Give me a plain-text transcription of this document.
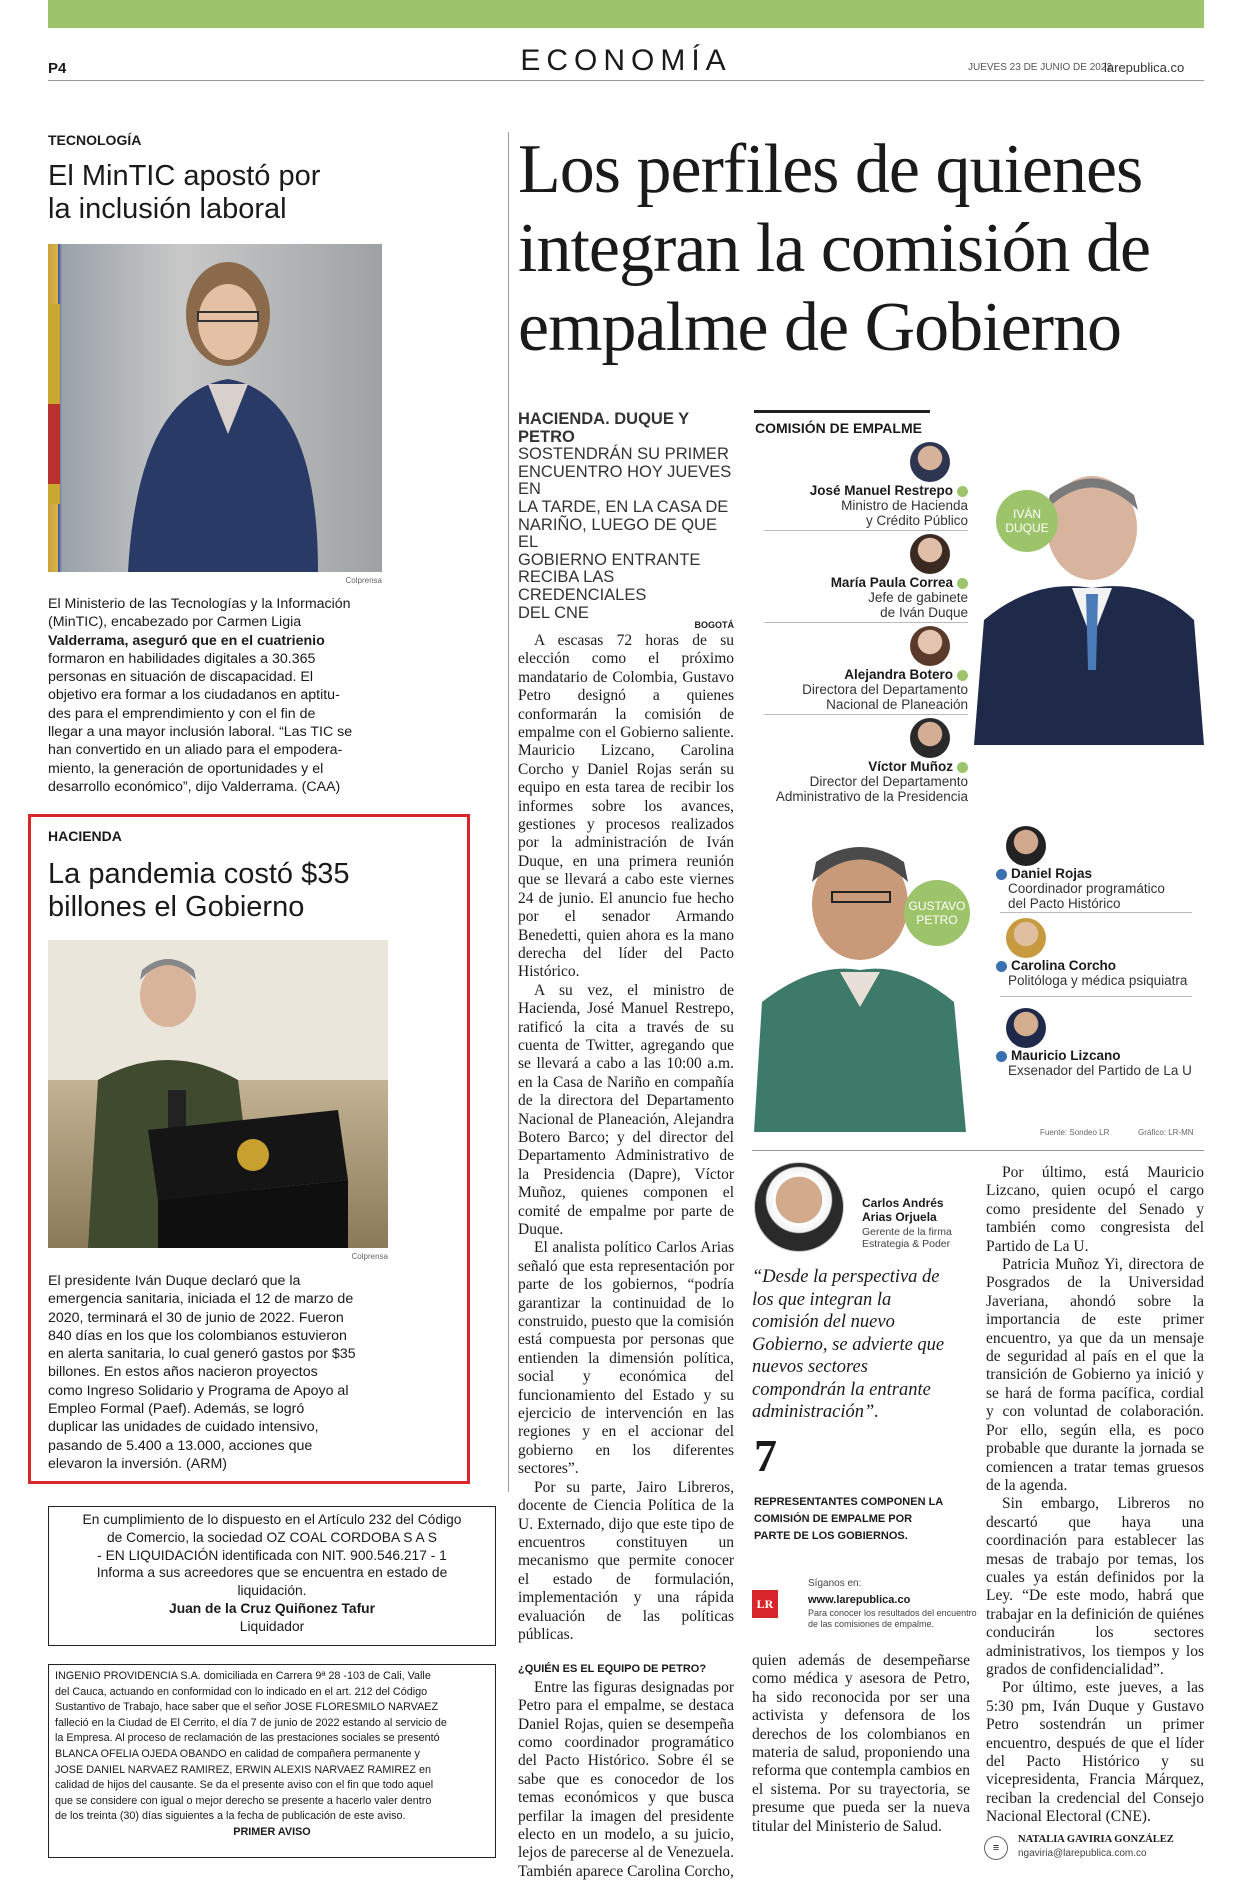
P4	ECONOMÍA	JUEVES 23 DE JUNIO DE 2022
larepublica.co
TECNOLOGÍA
El MinTIC apostó por
la inclusión laboral
Colprensa
El Ministerio de las Tecnologías y la Información
(MinTIC), encabezado por Carmen Ligia
Valderrama, aseguró que en el cuatrienio
formaron en habilidades digitales a 30.365
personas en situación de discapacidad. El
objetivo era formar a los ciudadanos en aptitu-
des para el emprendimiento y con el fin de
llegar a una mayor inclusión laboral. “Las TIC se
han convertido en un aliado para el empodera-
miento, la generación de oportunidades y el
desarrollo económico”, dijo Valderrama. (CAA)
HACIENDA
La pandemia costó $35
billones el Gobierno
Colprensa
El presidente Iván Duque declaró que la
emergencia sanitaria, iniciada el 12 de marzo de
2020, terminará el 30 de junio de 2022. Fueron
840 días en los que los colombianos estuvieron
en alerta sanitaria, lo cual generó gastos por $35
billones. En estos años nacieron proyectos
como Ingreso Solidario y Programa de Apoyo al
Empleo Formal (Paef). Además, se logró
duplicar las unidades de cuidado intensivo,
pasando de 5.400 a 13.000, acciones que
elevaron la inversión. (ARM)
En cumplimiento de lo dispuesto en el Artículo 232 del Código
de Comercio, la sociedad OZ COAL CORDOBA S A S
- EN LIQUIDACIÓN identificada con NIT. 900.546.217 - 1
Informa a sus acreedores que se encuentra en estado de
liquidación.
Juan de la Cruz Quiñonez Tafur
Liquidador
INGENIO PROVIDENCIA S.A. domiciliada en Carrera 9ª 28 -103 de Cali, Valle
del Cauca, actuando en conformidad con lo indicado en el art. 212 del Código
Sustantivo de Trabajo, hace saber que el señor JOSE FLORESMILO NARVAEZ
falleció en la Ciudad de El Cerrito, el día 7 de junio de 2022 estando al servicio de
la Empresa. Al proceso de reclamación de las prestaciones sociales se presentó
BLANCA OFELIA OJEDA OBANDO en calidad de compañera permanente y
JOSE DANIEL NARVAEZ RAMIREZ, ERWIN ALEXIS NARVAEZ RAMIREZ en
calidad de hijos del causante. Se da el presente aviso con el fin que todo aquel
que se considere con igual o mejor derecho se presente a hacerlo valer dentro
de los treinta (30) días siguientes a la fecha de publicación de este aviso.
PRIMER AVISO
Los perfiles de quienes
integran la comisión de
empalme de Gobierno
HACIENDA. DUQUE Y PETRO
SOSTENDRÁN SU PRIMER
ENCUENTRO HOY JUEVES EN
LA TARDE, EN LA CASA DE
NARIÑO, LUEGO DE QUE EL
GOBIERNO ENTRANTE
RECIBA LAS CREDENCIALES
DEL CNE
BOGOTÁ

A escasas 72 horas de su elección como el próximo mandatario de Colombia, Gustavo Petro designó a quienes conformarán la comisión de empalme con el Gobierno saliente. Mauricio Lizcano, Carolina Corcho y Daniel Rojas serán su equipo en esta tarea de recibir los informes sobre los avances, gestiones y procesos realizados por la administración de Iván Duque, en una primera reunión que se llevará a cabo este viernes 24 de junio. El anuncio fue hecho por el senador Armando Benedetti, quien ahora es la mano derecha del líder del Pacto Histórico.

A su vez, el ministro de Hacienda, José Manuel Restrepo, ratificó la cita a través de su cuenta de Twitter, agregando que se llevará a cabo a las 10:00 a.m. en la Casa de Nariño en compañía de la directora del Departamento Nacional de Planeación, Alejandra Botero Barco; y del director del Departamento Administrativo de la Presidencia (Dapre), Víctor Muñoz, quienes componen el comité de empalme por parte de Duque.

El analista político Carlos Arias señaló que esta representación por parte de los gobiernos, “podría garantizar la continuidad de lo construido, puesto que la comisión está compuesta por personas que entienden la dimensión política, social y económica del funcionamiento del Estado y su ejercicio de intervención en las regiones y en el accionar del gobierno en los diferentes sectores”.

Por su parte, Jairo Libreros, docente de Ciencia Política de la U. Externado, dijo que este tipo de encuentros constituyen un mecanismo que permite conocer el estado de formulación, implementación y una rápida evaluación de las políticas públicas.

¿QUIÉN ES EL EQUIPO DE PETRO?

Entre las figuras designadas por Petro para el empalme, se destaca Daniel Rojas, quien se desempeña como coordinador programático del Pacto Histórico. Sobre él se sabe que es conocedor de los temas económicos y que busca perfilar la imagen del presidente electo en un modelo, a su juicio, lejos de parecerse al de Venezuela. También aparece Carolina Corcho,

COMISIÓN DE EMPALME
José Manuel Restrepo
Ministro de Hacienda
y Crédito Público
María Paula Correa
Jefe de gabinete
de Iván Duque
Alejandra Botero
Directora del Departamento
Nacional de Planeación
Víctor Muñoz
Director del Departamento
Administrativo de la Presidencia
IVÁN
DUQUE
GUSTAVO
PETRO
Daniel Rojas
Coordinador programático
del Pacto Histórico
Carolina Corcho
Politóloga y médica psiquiatra
Mauricio Lizcano
Exsenador del Partido de La U
Fuente: Sondeo LR	Gráfico: LR-MN
Carlos Andrés
Arias Orjuela
Gerente de la firma
Estrategia & Poder
“Desde la perspectiva de los que integran la comisión del nuevo Gobierno, se advierte que nuevos sectores compondrán la entrante administración”.
7
REPRESENTANTES COMPONEN LA
COMISIÓN DE EMPALME POR
PARTE DE LOS GOBIERNOS.
LR
Síganos en:
www.larepublica.co
Para conocer los resultados del encuentro
de las comisiones de empalme.

quien además de desempeñarse como médica y asesora de Petro, ha sido reconocida por ser una activista y defensora de los derechos de los colombianos en materia de salud, proponiendo una reforma que contempla cambios en el sistema. Por su trayectoria, se presume que pueda ser la nueva titular del Ministerio de Salud.

Por último, está Mauricio Lizcano, quien ocupó el cargo como presidente del Senado y también como congresista del Partido de La U.

Patricia Muñoz Yi, directora de Posgrados de la Universidad Javeriana, ahondó sobre la importancia de este primer encuentro, ya que da un mensaje de seguridad al país en el que la transición de Gobierno ya inició y se hará de forma pacífica, cordial y con voluntad de colaboración. Por ello, según ella, es poco probable que durante la jornada se comiencen a tratar temas gruesos de la agenda.

Sin embargo, Libreros no descartó que haya una coordinación para establecer las mesas de trabajo por temas, los cuales ya están definidos por la Ley. “De este modo, habrá que trabajar en la definición de quiénes conducirán los sectores administrativos, los tiempos y los grados de confidencialidad”.

Por último, este jueves, a las 5:30 pm, Iván Duque y Gustavo Petro sostendrán un primer encuentro, después de que el líder del Pacto Histórico y su vicepresidenta, Francia Márquez, reciban la credencial del Consejo Nacional Electoral (CNE).

≡
NATALIA GAVIRIA GONZÁLEZ
ngaviria@larepublica.com.co
